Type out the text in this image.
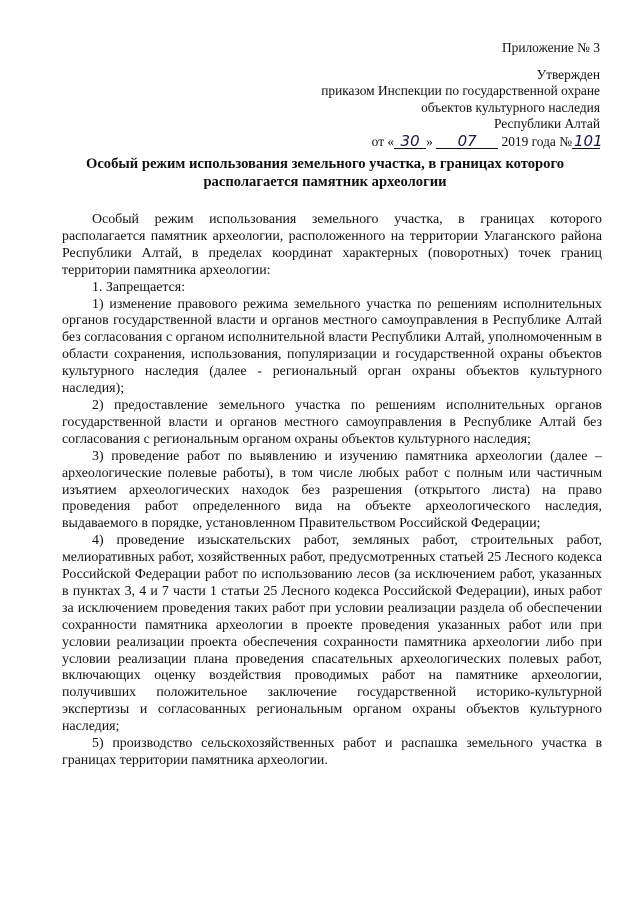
Приложение № 3
Утвержден
приказом Инспекции по государственной охране
объектов культурного наследия
Республики Алтай
от « 30 » 07 2019 года № 101
Особый режим использования земельного участка, в границах которого располагается памятник археологии

Особый режим использования земельного участка, в границах которого располагается памятник археологии, расположенного на территории Улаганского района Республики Алтай, в пределах координат характерных (поворотных) точек границ территории памятника археологии:

1. Запрещается:

1) изменение правового режима земельного участка по решениям исполнительных органов государственной власти и органов местного самоуправления в Республике Алтай без согласования с органом исполнительной власти Республики Алтай, уполномоченным в области сохранения, использования, популяризации и государственной охраны объектов культурного наследия (далее - региональный орган охраны объектов культурного наследия);

2) предоставление земельного участка по решениям исполнительных органов государственной власти и органов местного самоуправления в Республике Алтай без согласования с региональным органом охраны объектов культурного наследия;

3) проведение работ по выявлению и изучению памятника археологии (далее – археологические полевые работы), в том числе любых работ с полным или частичным изъятием археологических находок без разрешения (открытого листа) на право проведения работ определенного вида на объекте археологического наследия, выдаваемого в порядке, установленном Правительством Российской Федерации;

4) проведение изыскательских работ, земляных работ, строительных работ, мелиоративных работ, хозяйственных работ, предусмотренных статьей 25 Лесного кодекса Российской Федерации работ по использованию лесов (за исключением работ, указанных в пунктах 3, 4 и 7 части 1 статьи 25 Лесного кодекса Российской Федерации), иных работ за исключением проведения таких работ при условии реализации раздела об обеспечении сохранности памятника археологии в проекте проведения указанных работ или при условии реализации проекта обеспечения сохранности памятника археологии либо при условии реализации плана проведения спасательных археологических полевых работ, включающих оценку воздействия проводимых работ на памятнике археологии, получивших положительное заключение государственной историко-культурной экспертизы и согласованных региональным органом охраны объектов культурного наследия;

5) производство сельскохозяйственных работ и распашка земельного участка в границах территории памятника археологии.
